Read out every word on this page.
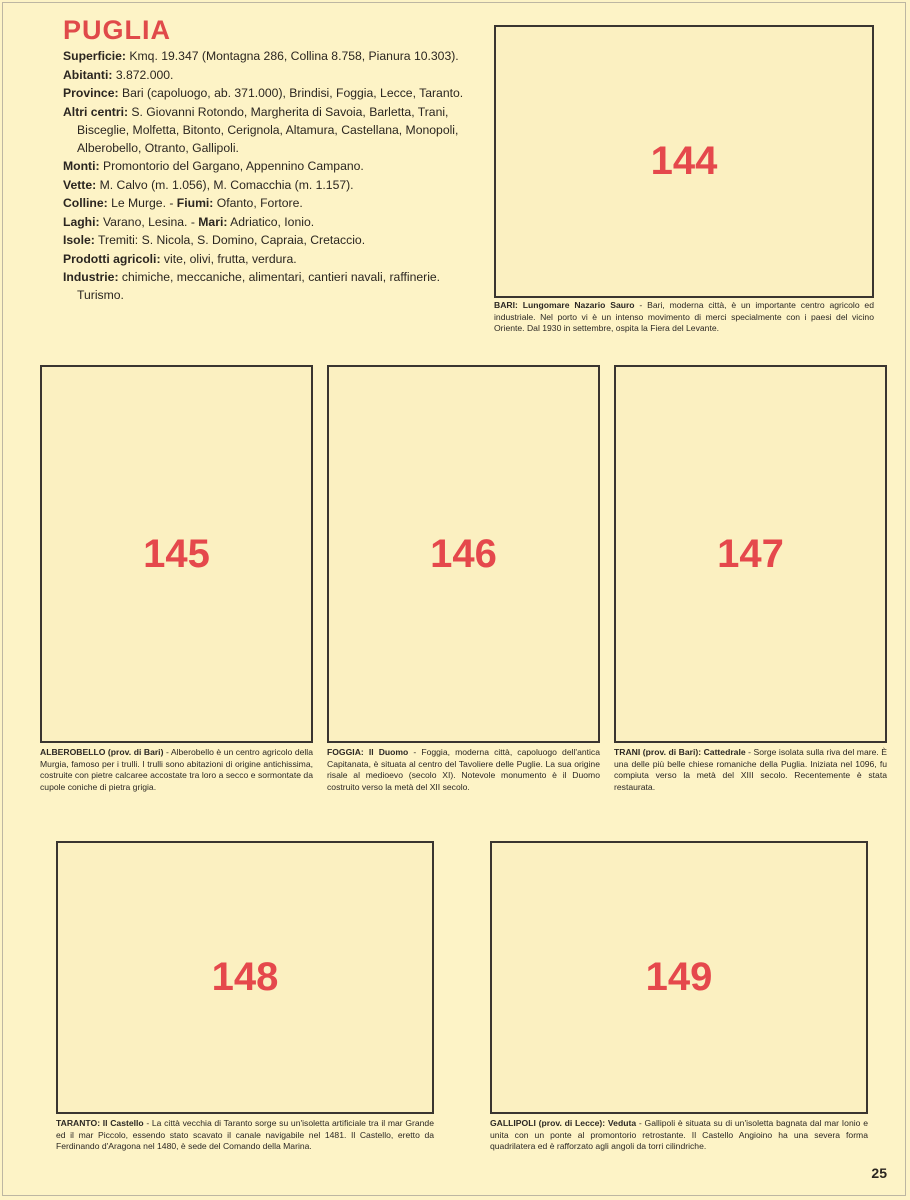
PUGLIA

Superficie: Kmq. 19.347 (Montagna 286, Collina 8.758, Pianura 10.303).

Abitanti: 3.872.000.

Province: Bari (capoluogo, ab. 371.000), Brindisi, Foggia, Lecce, Taranto.

Altri centri: S. Giovanni Rotondo, Margherita di Savoia, Barletta, Trani, Bisceglie, Molfetta, Bitonto, Cerignola, Altamura, Castellana, Monopoli, Alberobello, Otranto, Gallipoli.

Monti: Promontorio del Gargano, Appennino Campano.

Vette: M. Calvo (m. 1.056), M. Comacchia (m. 1.157).

Colline: Le Murge. - Fiumi: Ofanto, Fortore.

Laghi: Varano, Lesina. - Mari: Adriatico, Ionio.

Isole: Tremiti: S. Nicola, S. Domino, Capraia, Cretaccio.

Prodotti agricoli: vite, olivi, frutta, verdura.

Industrie: chimiche, meccaniche, alimentari, cantieri navali, raffinerie. Turismo.

144
BARI: Lungomare Nazario Sauro - Bari, moderna città, è un importante centro agricolo ed industriale. Nel porto vi è un intenso movimento di merci specialmente con i paesi del vicino Oriente. Dal 1930 in settembre, ospita la Fiera del Levante.
145
ALBEROBELLO (prov. di Bari) - Alberobello è un centro agricolo della Murgia, famoso per i trulli. I trulli sono abitazioni di origine antichissima, costruite con pietre calcaree accostate tra loro a secco e sormontate da cupole coniche di pietra grigia.
146
FOGGIA: Il Duomo - Foggia, moderna città, capoluogo dell'antica Capitanata, è situata al centro del Tavoliere delle Puglie. La sua origine risale al medioevo (secolo XI). Notevole monumento è il Duomo costruito verso la metà del XII secolo.
147
TRANI (prov. di Bari): Cattedrale - Sorge isolata sulla riva del mare. È una delle più belle chiese romaniche della Puglia. Iniziata nel 1096, fu compiuta verso la metà del XIII secolo. Recentemente è stata restaurata.
148
TARANTO: Il Castello - La città vecchia di Taranto sorge su un'isoletta artificiale tra il mar Grande ed il mar Piccolo, essendo stato scavato il canale navigabile nel 1481. Il Castello, eretto da Ferdinando d'Aragona nel 1480, è sede del Comando della Marina.
149
GALLIPOLI (prov. di Lecce): Veduta - Gallipoli è situata su di un'isoletta bagnata dal mar Ionio e unita con un ponte al promontorio retrostante. Il Castello Angioino ha una severa forma quadrilatera ed è rafforzato agli angoli da torri cilindriche.
25
